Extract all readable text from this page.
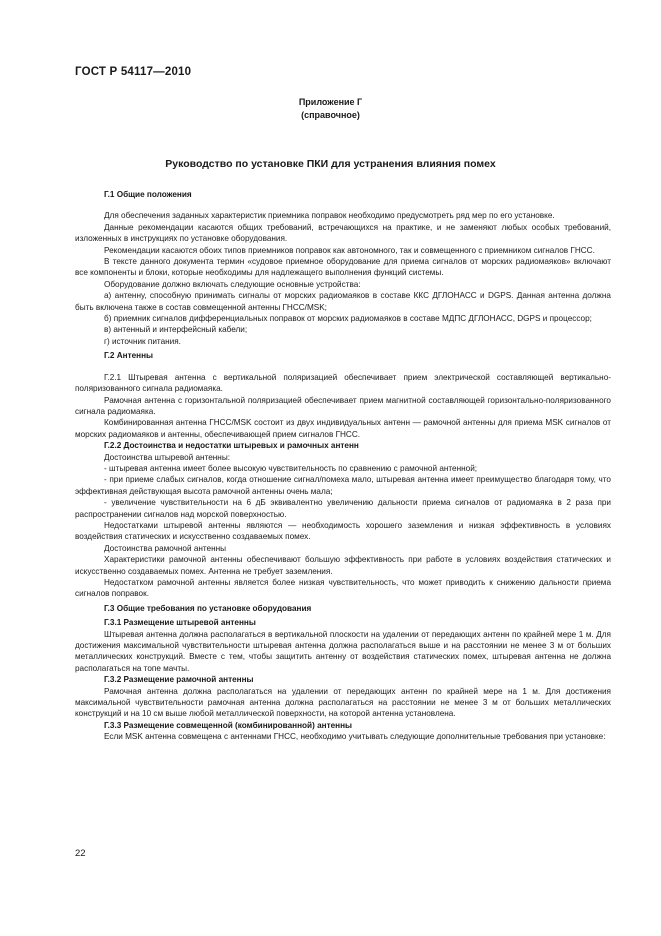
ГОСТ Р 54117—2010
Приложение Г
(справочное)
Руководство по установке ПКИ для устранения влияния помех
Г.1 Общие положения

Для обеспечения заданных характеристик приемника поправок необходимо предусмотреть ряд мер по его установке.

Данные рекомендации касаются общих требований, встречающихся на практике, и не заменяют любых особых требований, изложенных в инструкциях по установке оборудования.

Рекомендации касаются обоих типов приемников поправок как автономного, так и совмещенного с приемником сигналов ГНСС.

В тексте данного документа термин «судовое приемное оборудование для приема сигналов от морских радиомаяков» включают все компоненты и блоки, которые необходимы для надлежащего выполнения функций системы.

Оборудование должно включать следующие основные устройства:

а) антенну, способную принимать сигналы от морских радиомаяков в составе ККС ДГЛОНАСС и DGPS. Данная антенна должна быть включена также в состав совмещенной антенны ГНСС/MSK;

б) приемник сигналов дифференциальных поправок от морских радиомаяков в составе МДПС ДГЛОНАСС, DGPS и процессор;

в) антенный и интерфейсный кабели;

г) источник питания.

Г.2 Антенны

Г.2.1 Штыревая антенна с вертикальной поляризацией обеспечивает прием электрической составляющей вертикально-поляризованного сигнала радиомаяка.

Рамочная антенна с горизонтальной поляризацией обеспечивает прием магнитной составляющей горизонтально-поляризованного сигнала радиомаяка.

Комбинированная антенна ГНСС/MSK состоит из двух индивидуальных антенн — рамочной антенны для приема MSK сигналов от морских радиомаяков и антенны, обеспечивающей прием сигналов ГНСС.

Г.2.2 Достоинства и недостатки штыревых и рамочных антенн

Достоинства штыревой антенны:

- штыревая антенна имеет более высокую чувствительность по сравнению с рамочной антенной;

- при приеме слабых сигналов, когда отношение сигнал/помеха мало, штыревая антенна имеет преимущество благодаря тому, что эффективная действующая высота рамочной антенны очень мала;

- увеличение чувствительности на 6 дБ эквивалентно увеличению дальности приема сигналов от радиомаяка в 2 раза при распространении сигналов над морской поверхностью.

Недостатками штыревой антенны являются — необходимость хорошего заземления и низкая эффективность в условиях воздействия статических и искусственно создаваемых помех.

Достоинства рамочной антенны

Характеристики рамочной антенны обеспечивают большую эффективность при работе в условиях воздействия статических и искусственно создаваемых помех. Антенна не требует заземления.

Недостатком рамочной антенны является более низкая чувствительность, что может приводить к снижению дальности приема сигналов поправок.

Г.3 Общие требования по установке оборудования
Г.3.1 Размещение штыревой антенны

Штыревая антенна должна располагаться в вертикальной плоскости на удалении от передающих антенн по крайней мере 1 м. Для достижения максимальной чувствительности штыревая антенна должна располагаться выше и на расстоянии не менее 3 м от больших металлических конструкций. Вместе с тем, чтобы защитить антенну от воздействия статических помех, штыревая антенна не должна располагаться на топе мачты.

Г.3.2 Размещение рамочной антенны

Рамочная антенна должна располагаться на удалении от передающих антенн по крайней мере на 1 м. Для достижения максимальной чувствительности рамочная антенна должна располагаться на расстоянии не менее 3 м от больших металлических конструкций и на 10 см выше любой металлической поверхности, на которой антенна установлена.

Г.3.3 Размещение совмещенной (комбинированной) антенны

Если MSK антенна совмещена с антеннами ГНСС, необходимо учитывать следующие дополнительные требования при установке:

22
